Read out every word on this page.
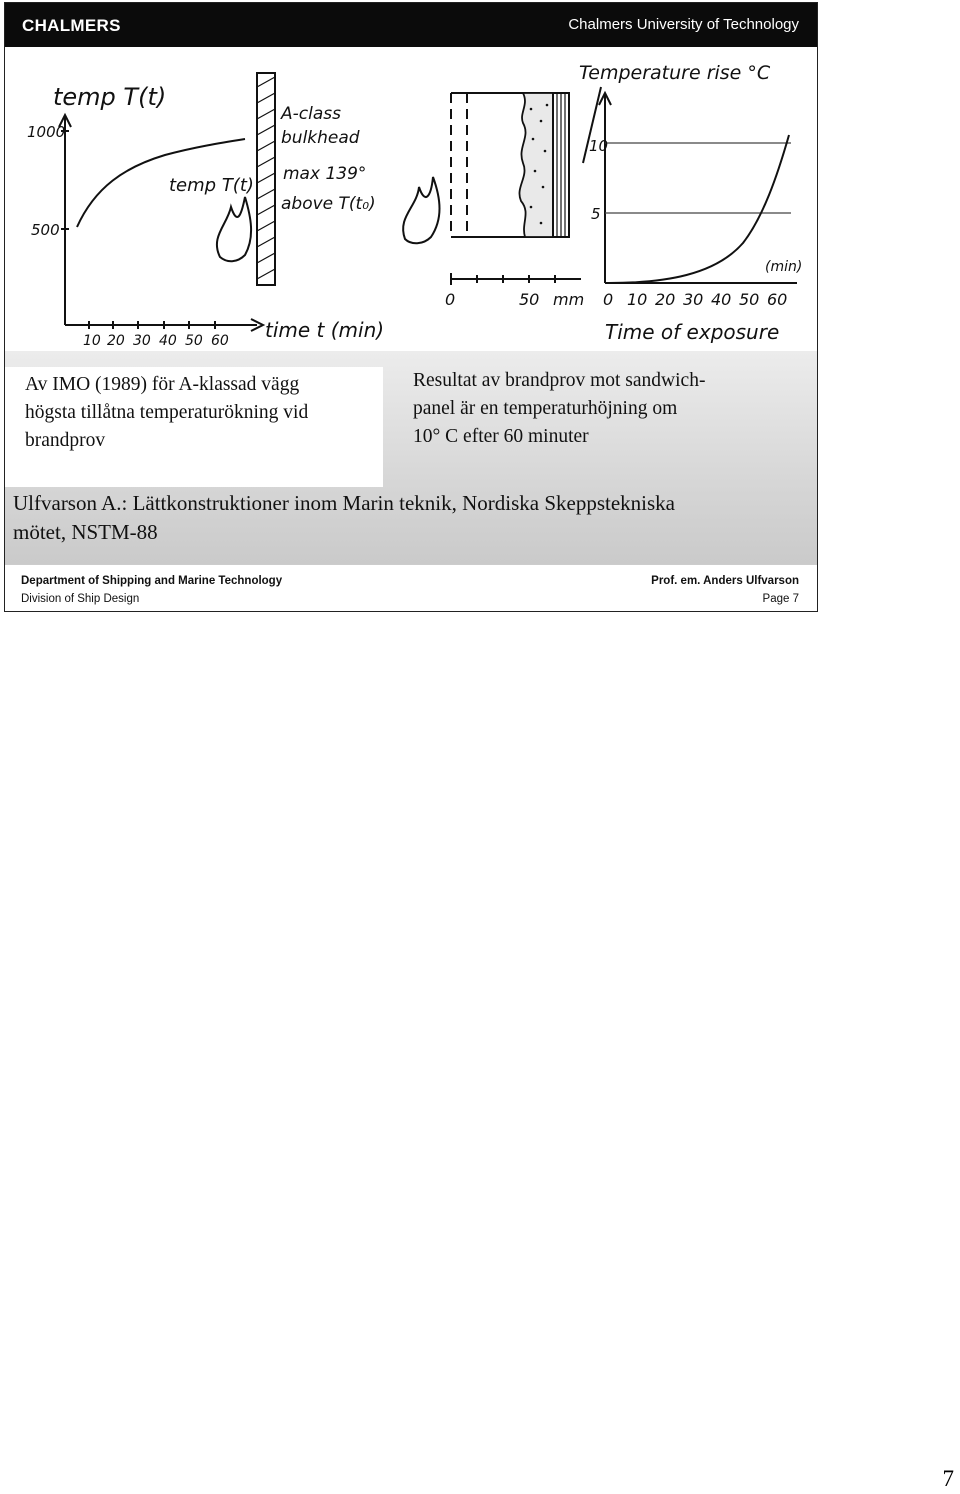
CHALMERS	Chalmers University of Technology
temp T(t)
1000
500
10 20 30 40 50 60 time t (min)
temp T(t)
A-class
bulkhead
max 139°
above T(t₀)
0	50 mm
10
5
Temperature rise °C
0 10 20 30 40 50 60
(min)
Time of exposure

Av IMO (1989) för A-klassad vägg
högsta tillåtna temperaturökning vid
brandprov

Resultat av brandprov mot sandwich-
panel är en temperaturhöjning om
10° C efter 60 minuter

Ulfvarson A.: Lättkonstruktioner inom Marin teknik, Nordiska Skeppstekniska
mötet, NSTM-88
Department of Shipping and Marine Technology
Division of Ship Design
Prof. em. Anders Ulfvarson
Page 7
7
